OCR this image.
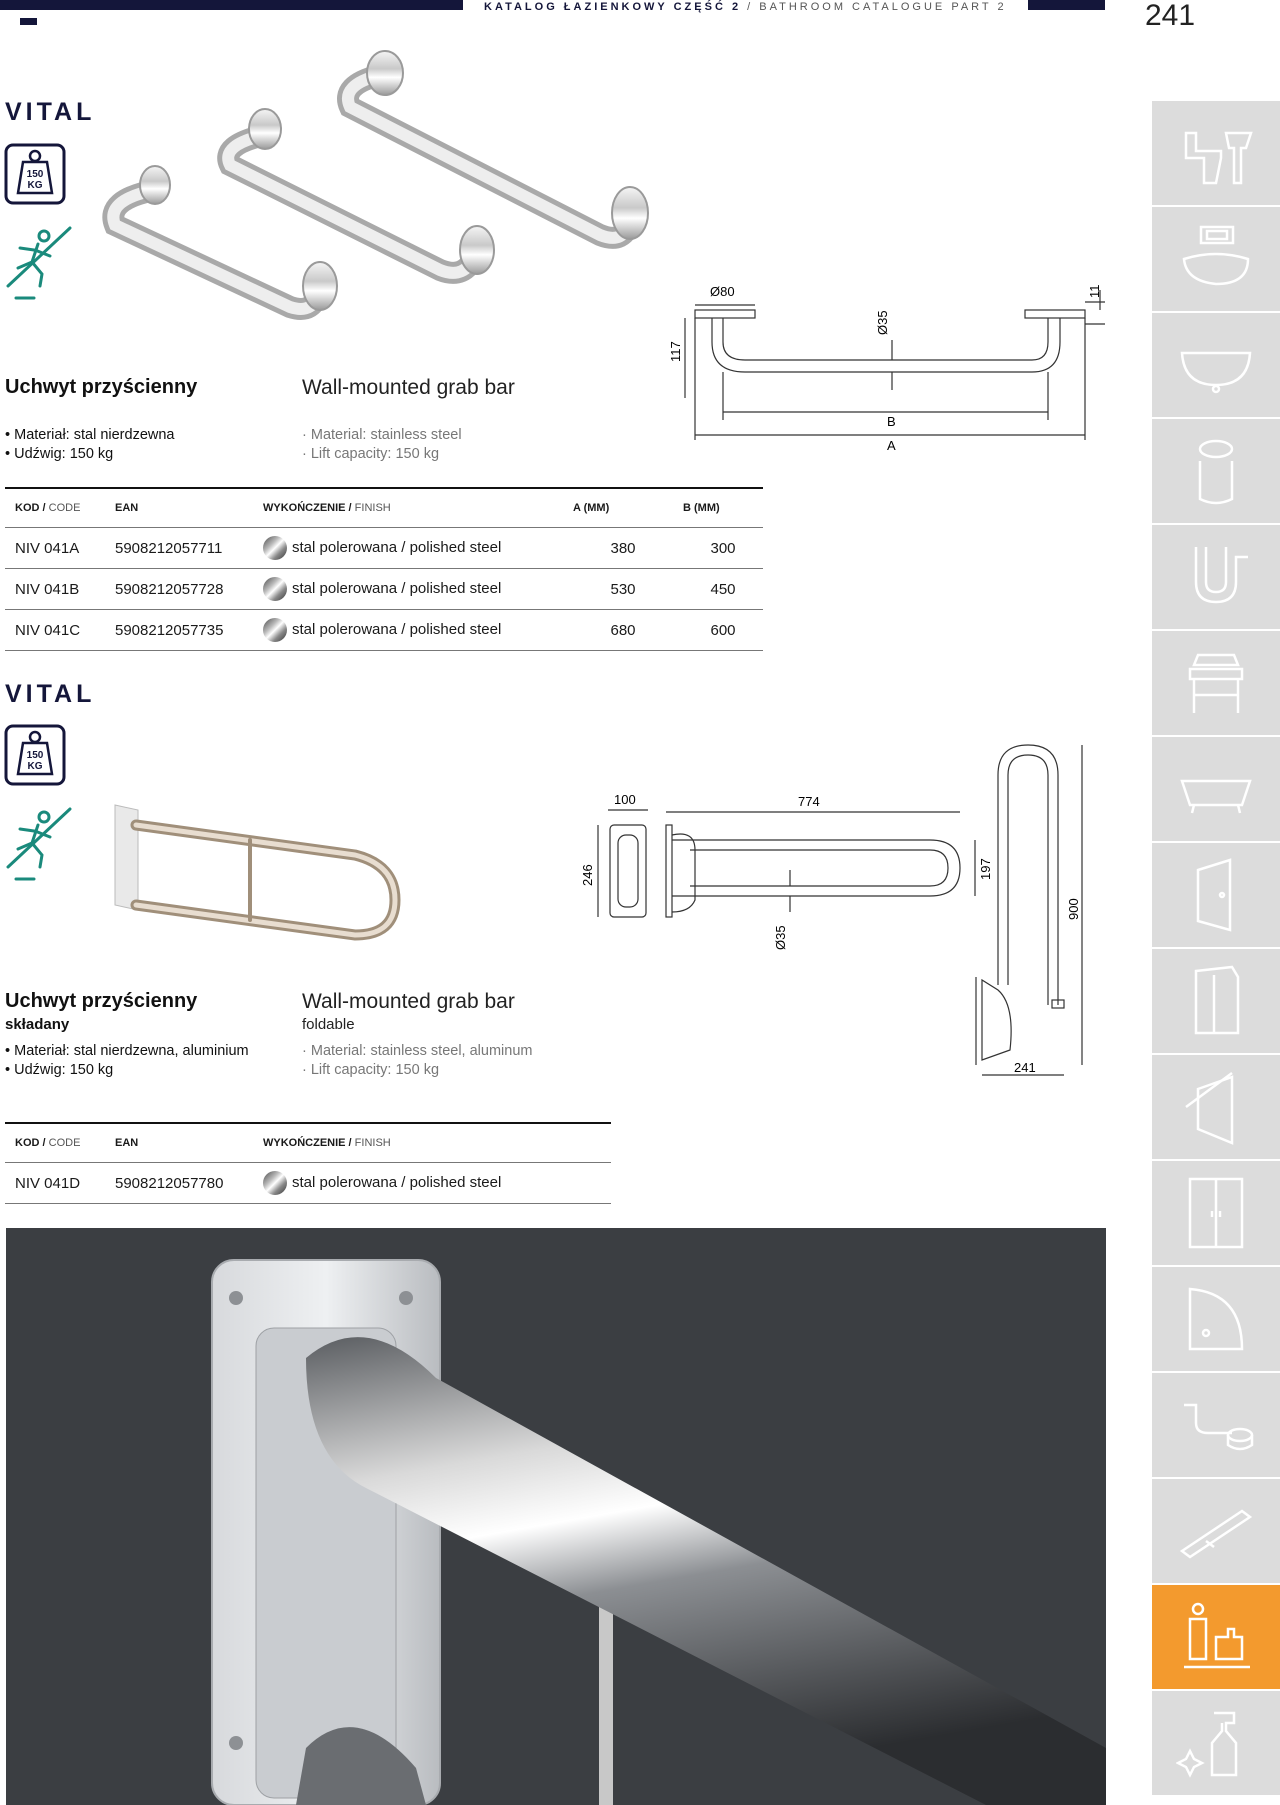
KATALOG ŁAZIENKOWY CZĘŚĆ 2 / BATHROOM CATALOGUE PART 2	241
VITAL
150
KG
Ø80
Ø35
117
11
B
A
Uchwyt przyścienny	Wall-mounted grab bar
• Materiał: stal nierdzewna
• Udźwig: 150 kg
· Material: stainless steel
· Lift capacity: 150 kg
KOD / CODE	EAN	WYKOŃCZENIE / FINISH	A (MM)	B (MM)
NIV 041A	5908212057711	stal polerowana / polished steel	380	300
NIV 041B	5908212057728	stal polerowana / polished steel	530	450
NIV 041C	5908212057735	stal polerowana / polished steel	680	600
VITAL
150
KG
100	774
246	197
Ø35
900
241
Uchwyt przyścienny
składany
Wall-mounted grab bar
foldable
• Materiał: stal nierdzewna, aluminium
• Udźwig: 150 kg
· Material: stainless steel, aluminum
· Lift capacity: 150 kg
KOD / CODE	EAN	WYKOŃCZENIE / FINISH
NIV 041D	5908212057780	stal polerowana / polished steel
